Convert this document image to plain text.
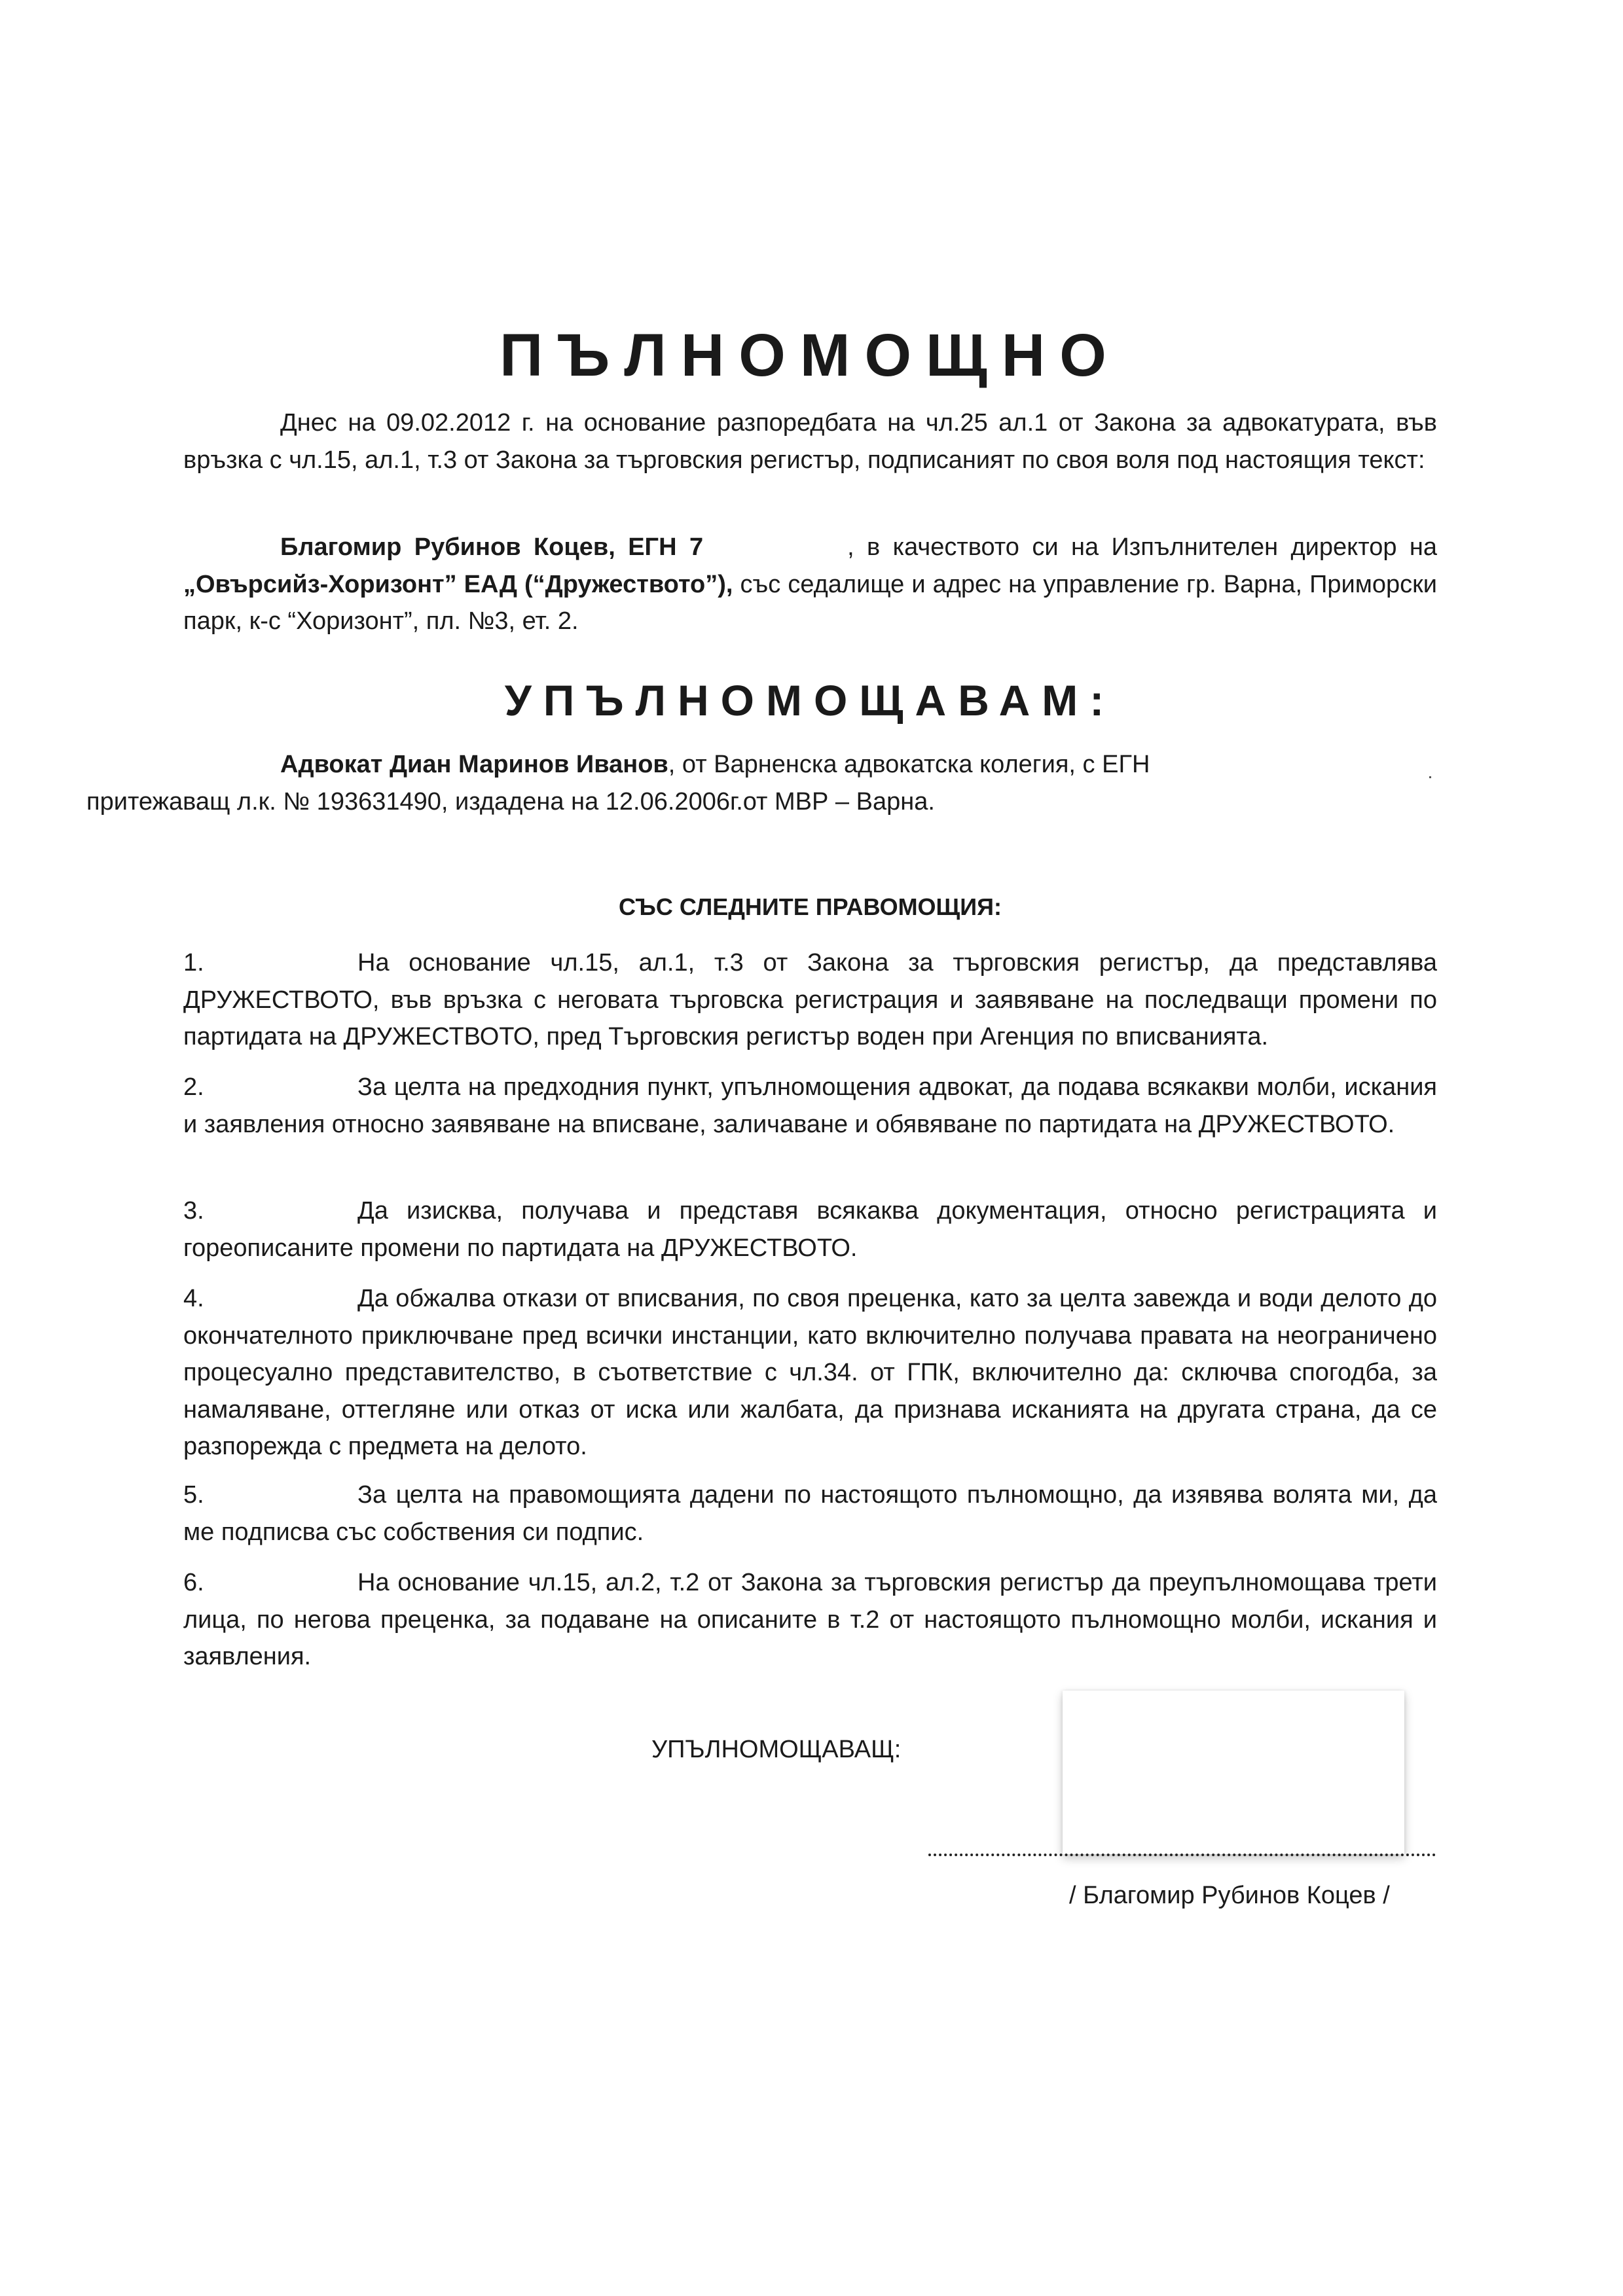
ПЪЛНОМОЩНО

Днес на 09.02.2012 г. на основание разпоредбата на чл.25 ал.1 от Закона за адвокатурата, във връзка с чл.15, ал.1, т.3 от Закона за търговския регистър, подписаният по своя воля под настоящия текст:

Благомир Рубинов Коцев, ЕГН 7	, в качеството си на Изпълнителен директор на „Овърсийз-Хоризонт” ЕАД (“Дружеството”), със седалище и адрес на управление гр. Варна, Приморски парк, к-с “Хоризонт”, пл. №3, ет. 2.

УПЪЛНОМОЩАВАМ:

Адвокат Диан Маринов Иванов, от Варненска адвокатска колегия, с ЕГН
притежаващ л.к. № 193631490, издадена на 12.06.2006г.от МВР – Варна.

СЪС СЛЕДНИТЕ ПРАВОМОЩИЯ:

1.	На основание чл.15, ал.1, т.3 от Закона за търговския регистър, да представлява ДРУЖЕСТВОТО, във връзка с неговата търговска регистрация и заявяване на последващи промени по партидата на ДРУЖЕСТВОТО, пред Търговския регистър воден при Агенция по вписванията.

2.	За целта на предходния пункт, упълномощения адвокат, да подава всякакви молби, искания и заявления относно заявяване на вписване, заличаване и обявяване по партидата на ДРУЖЕСТВОТО.

3.	Да изисква, получава и представя всякаква документация, относно регистрацията и гореописаните промени по партидата на ДРУЖЕСТВОТО.

4.	Да обжалва откази от вписвания, по своя преценка, като за целта завежда и води делото до окончателното приключване пред всички инстанции, като включително получава правата на неограничено процесуално представителство, в съответствие с чл.34. от ГПК, включително да: сключва спогодба, за намаляване, оттегляне или отказ от иска или жалбата, да признава исканията на другата страна, да се разпорежда с предмета на делото.

5.	За целта на правомощията дадени по настоящото пълномощно, да изявява волята ми, да ме подписва със собствения си подпис.

6.	На основание чл.15, ал.2, т.2 от Закона за търговския регистър да преупълномощава трети лица, по негова преценка, за подаване на описаните в т.2 от настоящото пълномощно молби, искания и заявления.

УПЪЛНОМОЩАВАЩ:
/ Благомир Рубинов Коцев /
